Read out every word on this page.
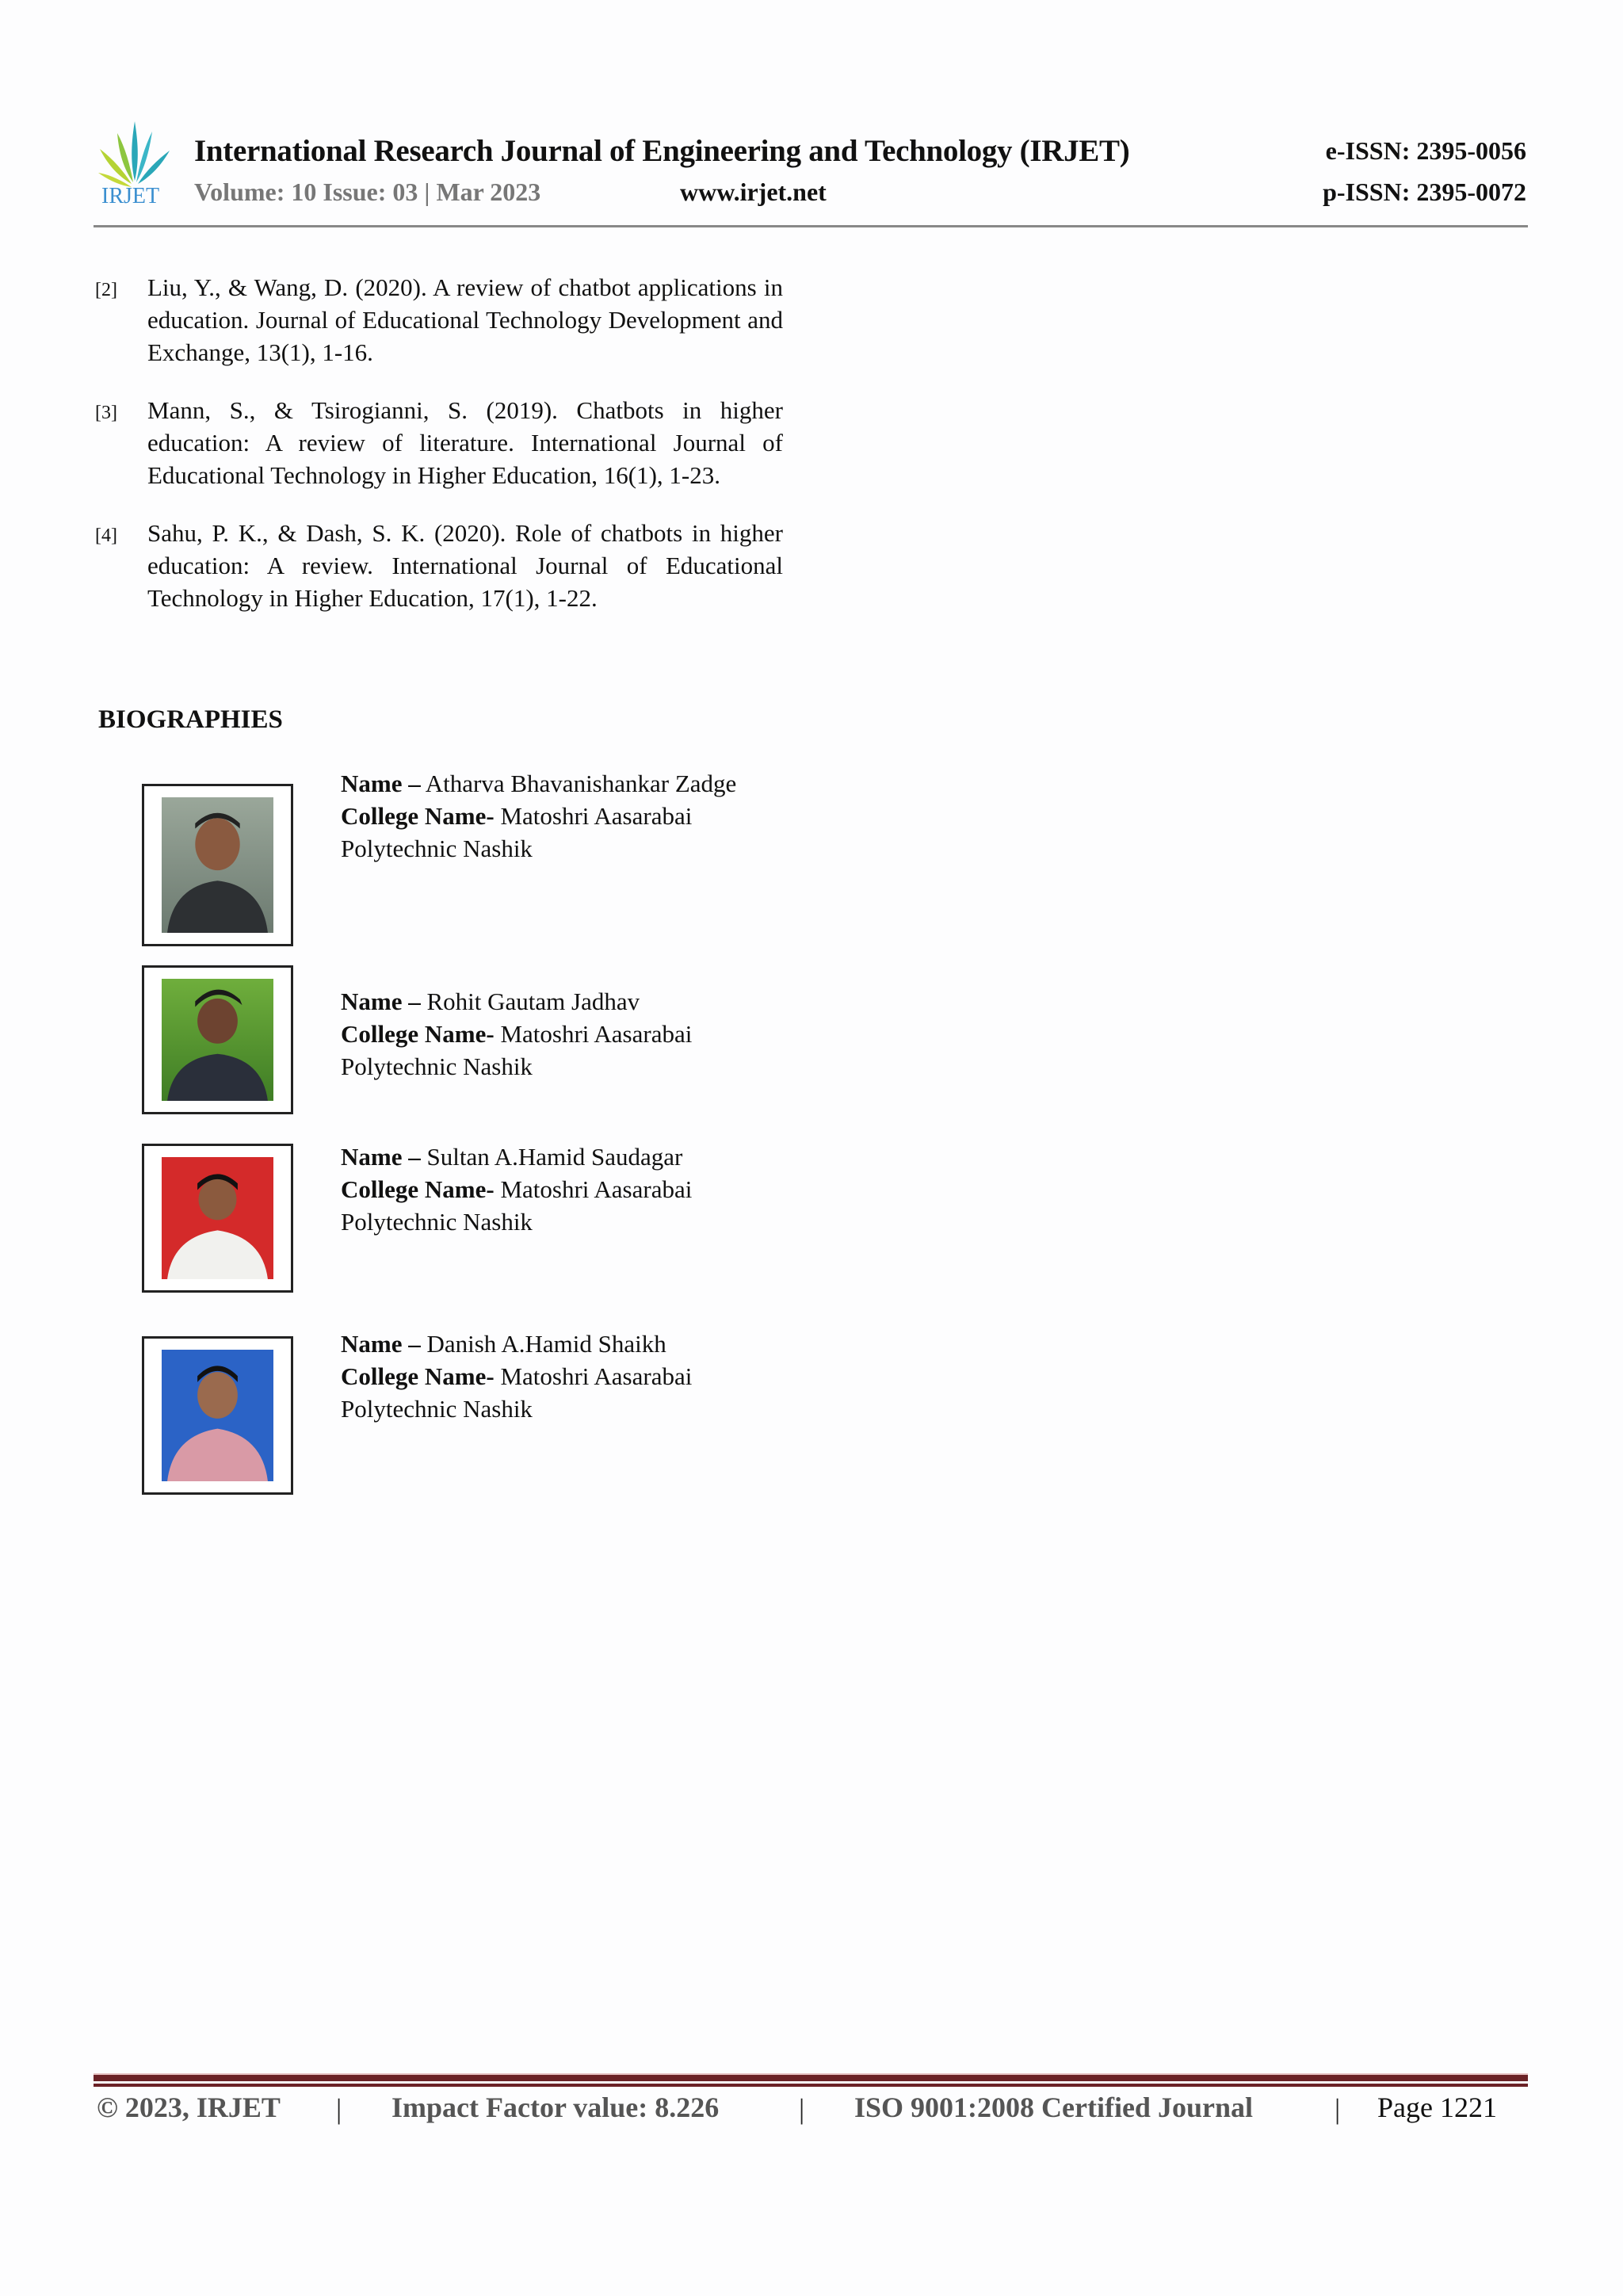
IRJET
International Research Journal of Engineering and Technology (IRJET)
Volume: 10 Issue: 03 | Mar 2023	www.irjet.net
e-ISSN: 2395-0056
p-ISSN: 2395-0072
[2] Liu, Y., & Wang, D. (2020). A review of chatbot applications in education. Journal of Educational Technology Development and Exchange, 13(1), 1-16.
[3] Mann, S., & Tsirogianni, S. (2019). Chatbots in higher education: A review of literature. International Journal of Educational Technology in Higher Education, 16(1), 1-23.
[4] Sahu, P. K., & Dash, S. K. (2020). Role of chatbots in higher education: A review. International Journal of Educational Technology in Higher Education, 17(1), 1-22.
BIOGRAPHIES
Name – Atharva Bhavanishankar Zadge
College Name- Matoshri Aasarabai Polytechnic Nashik
Name – Rohit Gautam Jadhav
College Name- Matoshri Aasarabai Polytechnic Nashik
Name – Sultan A.Hamid Saudagar
College Name- Matoshri Aasarabai Polytechnic Nashik
Name – Danish A.Hamid Shaikh
College Name- Matoshri Aasarabai Polytechnic Nashik
© 2023, IRJET | Impact Factor value: 8.226	| ISO 9001:2008 Certified Journal	| Page 1221
